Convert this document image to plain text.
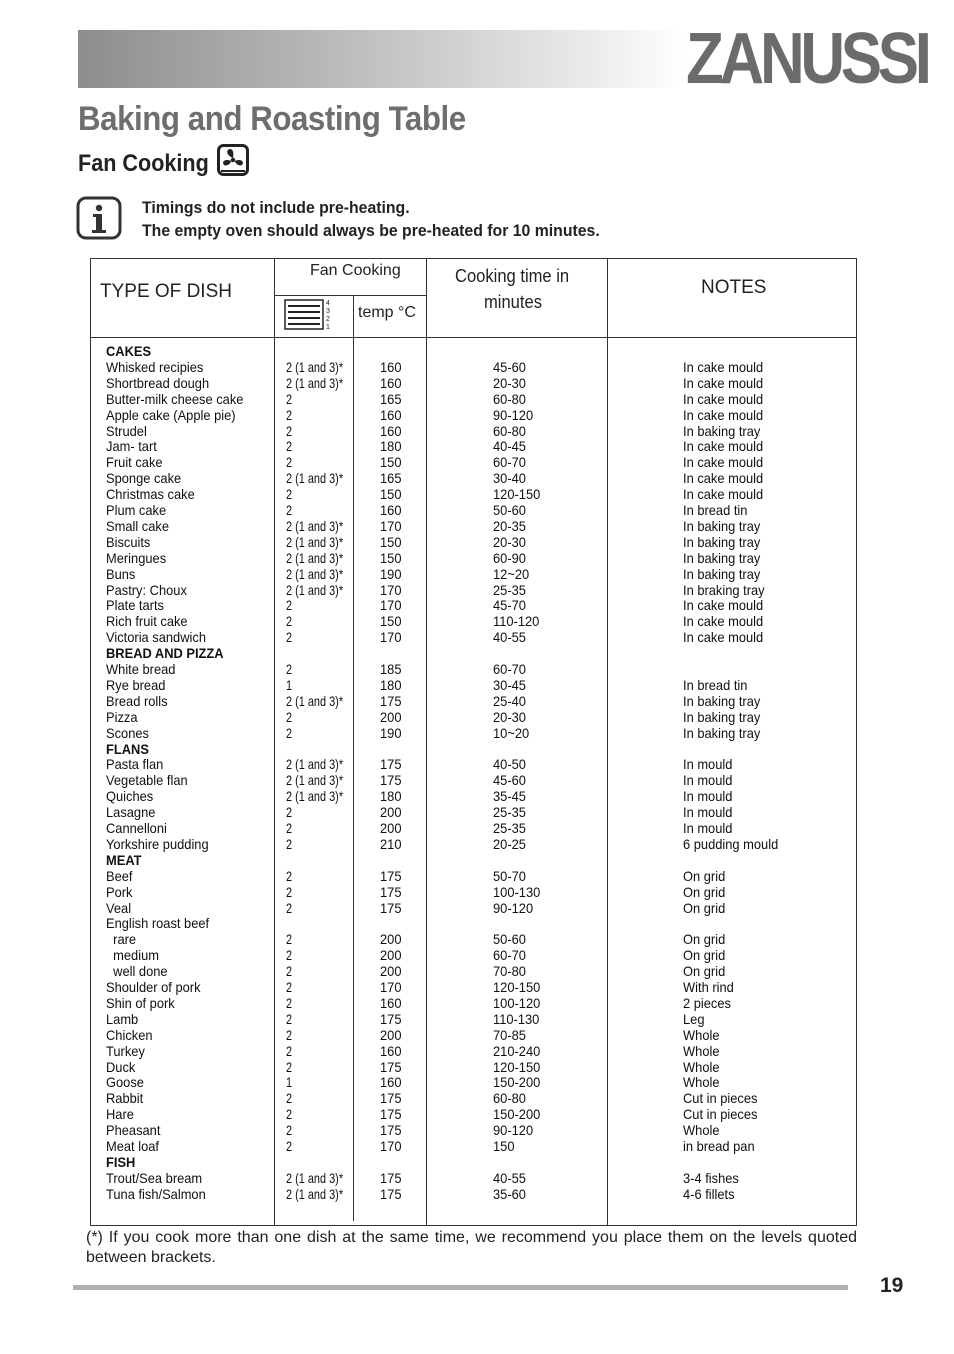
ZANUSSI
Baking and Roasting Table
Fan Cooking
Timings do not include pre-heating.
The empty oven should always be pre-heated for 10 minutes.
TYPE OF DISH
Fan Cooking
temp °C
Cooking time in
minutes
NOTES
4
3
2
1
CAKES
Whisked recipies	2 (1 and 3)*	160	45-60	In cake mould
Shortbread dough	2 (1 and 3)*	160	20-30	In cake mould
Butter-milk cheese cake	2	165	60-80	In cake mould
Apple cake (Apple pie)	2	160	90-120	In cake mould
Strudel	2	160	60-80	In baking tray
Jam- tart	2	180	40-45	In cake mould
Fruit cake	2	150	60-70	In cake mould
Sponge cake	2 (1 and 3)*	165	30-40	In cake mould
Christmas cake	2	150	120-150	In cake mould
Plum cake	2	160	50-60	In bread tin
Small cake	2 (1 and 3)*	170	20-35	In baking tray
Biscuits	2 (1 and 3)*	150	20-30	In baking tray
Meringues	2 (1 and 3)*	150	60-90	In baking tray
Buns	2 (1 and 3)*	190	12~20	In baking tray
Pastry: Choux	2 (1 and 3)*	170	25-35	In braking tray
Plate tarts	2	170	45-70	In cake mould
Rich fruit cake	2	150	110-120	In cake mould
Victoria sandwich	2	170	40-55	In cake mould
BREAD AND PIZZA
White bread	2	185	60-70
Rye bread	1	180	30-45	In bread tin
Bread rolls	2 (1 and 3)*	175	25-40	In baking tray
Pizza	2	200	20-30	In baking tray
Scones	2	190	10~20	In baking tray
FLANS
Pasta flan	2 (1 and 3)*	175	40-50	In mould
Vegetable flan	2 (1 and 3)*	175	45-60	In mould
Quiches	2 (1 and 3)*	180	35-45	In mould
Lasagne	2	200	25-35	In mould
Cannelloni	2	200	25-35	In mould
Yorkshire pudding	2	210	20-25	6 pudding mould
MEAT
Beef	2	175	50-70	On grid
Pork	2	175	100-130	On grid
Veal	2	175	90-120	On grid
English roast beef
rare	2	200	50-60	On grid
medium	2	200	60-70	On grid
well done	2	200	70-80	On grid
Shoulder of pork	2	170	120-150	With rind
Shin of pork	2	160	100-120	2 pieces
Lamb	2	175	110-130	Leg
Chicken	2	200	70-85	Whole
Turkey	2	160	210-240	Whole
Duck	2	175	120-150	Whole
Goose	1	160	150-200	Whole
Rabbit	2	175	60-80	Cut in pieces
Hare	2	175	150-200	Cut in pieces
Pheasant	2	175	90-120	Whole
Meat loaf	2	170	150	in bread pan
FISH
Trout/Sea bream	2 (1 and 3)*	175	40-55	3-4 fishes
Tuna fish/Salmon	2 (1 and 3)*	175	35-60	4-6 fillets
(*) If you cook more than one dish at the same time, we recommend you place them on the levels quoted between brackets.
19
